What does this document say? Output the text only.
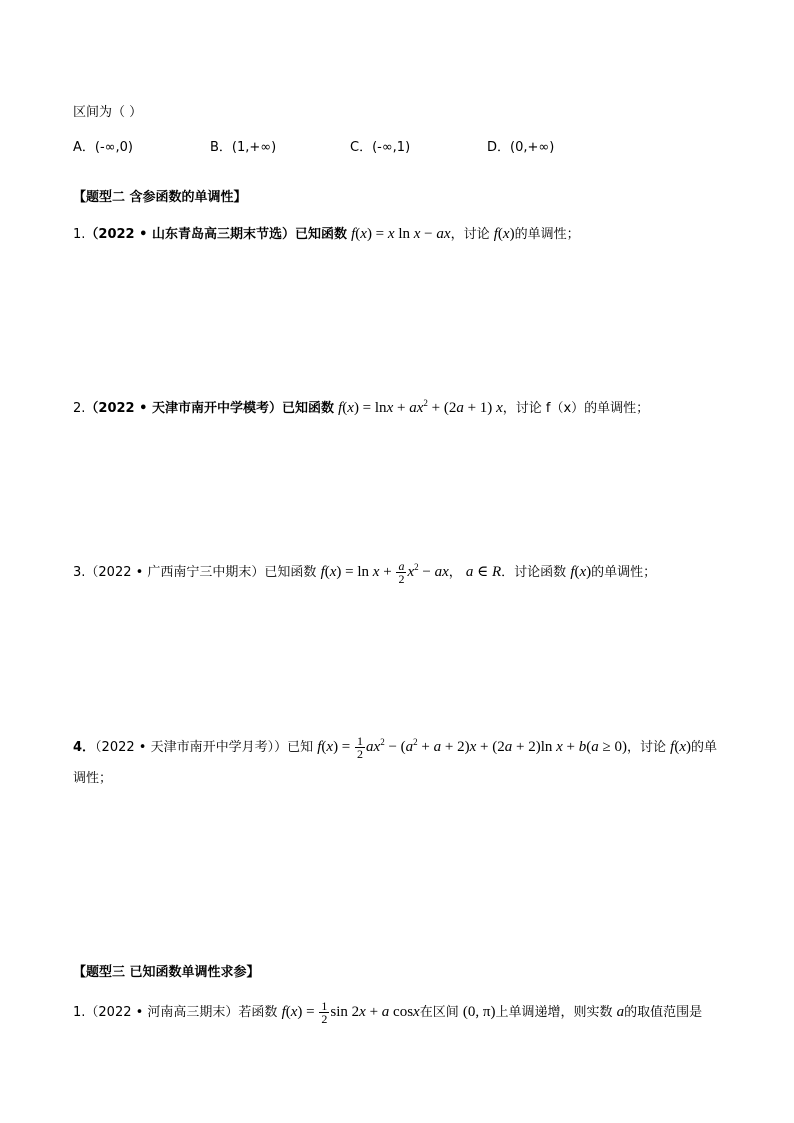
区间为（ ）
A．(-∞,0)	B．(1,+∞)	C．(-∞,1)	D．(0,+∞)
【题型二 含参函数的单调性】
1.（2022 • 山东青岛高三期末节选）已知函数 f(x) = x ln x − ax，讨论 f(x)的单调性；
2.（2022 • 天津市南开中学模考）已知函数 $f(x) = \ln x + ax^2 + (2a + 1)$ x，讨论 f（x）的单调性；
3.（2022 • 广西南宁三中期末）已知函数 $f(x) = \ln x + \frac{a}{2} x^2$ − ax， a ∈ R．讨论函数 f(x)的单调性；
4．（2022 • 天津市南开中学月考））已知 $f(x) = \frac{1}{2} ax^2 - (a^2 + a + 2)x + (2a + 2)\ln$ x + b(a ≥ 0)，讨论 f(x)的单
调性；
【题型三 已知函数单调性求参】
1.（2022 • 河南高三期末）若函数 $f(x) = \frac{1}{2}$ sin 2x + a cosx在区间 (0, π)上单调递增，则实数 a的取值范围是
